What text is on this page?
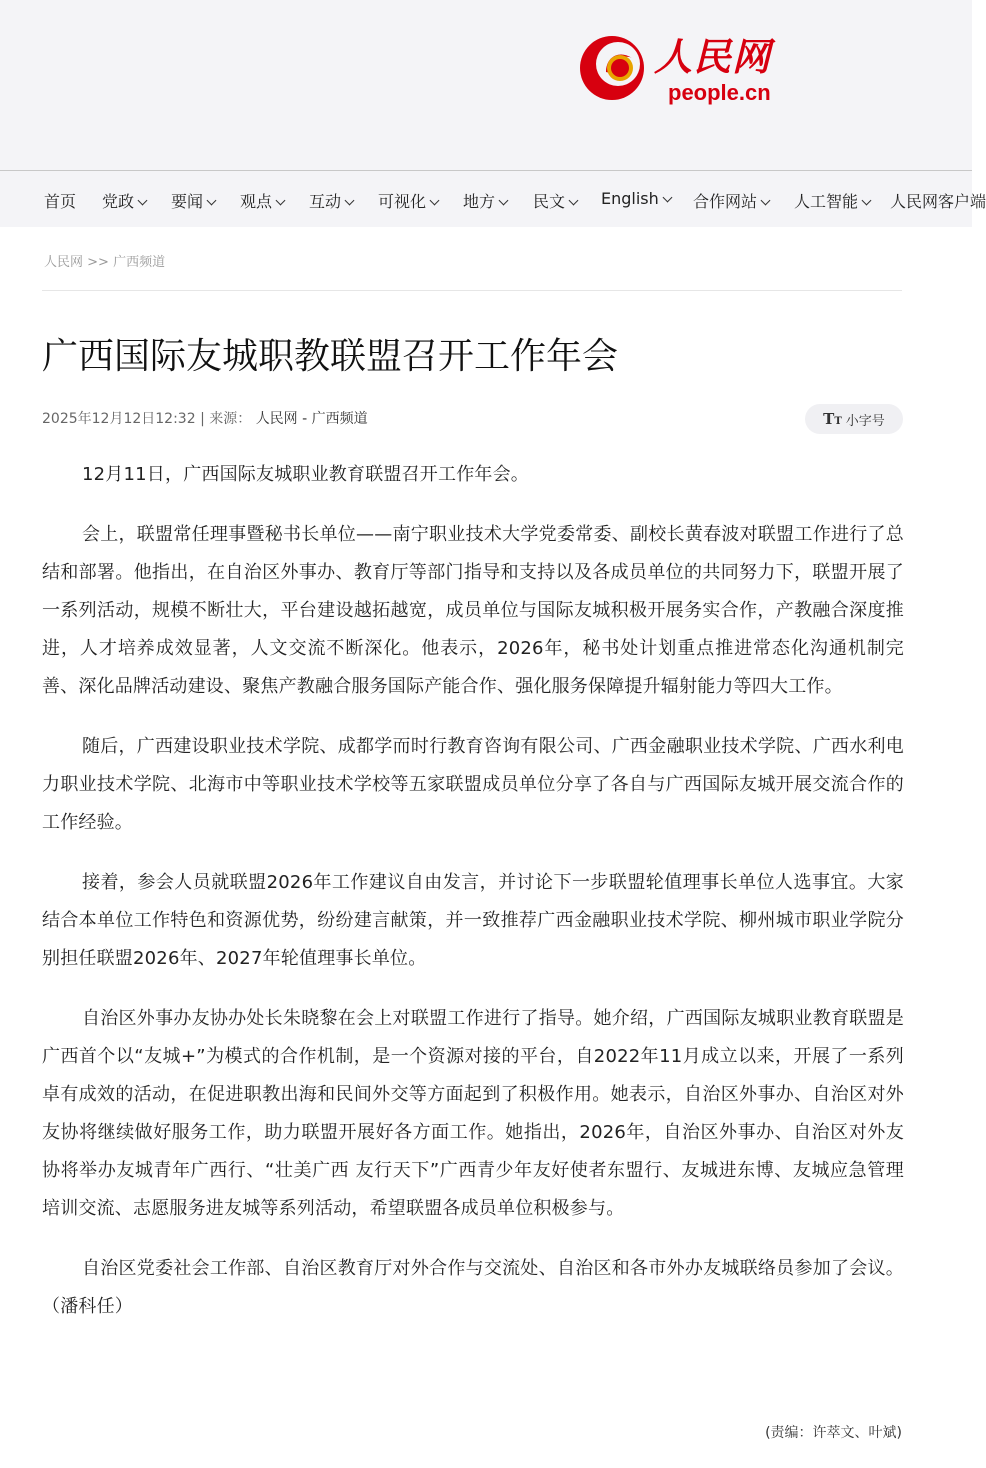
人民网
people.cn
首页 党政	要闻	观点	互动	可视化	地方	民文	English	合作网站	人工智能	人民网客户端
人民网 >> 广西频道
广西国际友城职教联盟召开工作年会
2025年12月12日12:32 | 来源： 人民网 - 广西频道	TT 小字号

12月11日，广西国际友城职业教育联盟召开工作年会。

会上，联盟常任理事暨秘书长单位——南宁职业技术大学党委常委、副校长黄春波对联盟工作进行了总结和部署。他指出，在自治区外事办、教育厅等部门指导和支持以及各成员单位的共同努力下，联盟开展了一系列活动，规模不断壮大，平台建设越拓越宽，成员单位与国际友城积极开展务实合作，产教融合深度推进，人才培养成效显著，人文交流不断深化。他表示，2026年，秘书处计划重点推进常态化沟通机制完善、深化品牌活动建设、聚焦产教融合服务国际产能合作、强化服务保障提升辐射能力等四大工作。

随后，广西建设职业技术学院、成都学而时行教育咨询有限公司、广西金融职业技术学院、广西水利电力职业技术学院、北海市中等职业技术学校等五家联盟成员单位分享了各自与广西国际友城开展交流合作的工作经验。

接着，参会人员就联盟2026年工作建议自由发言，并讨论下一步联盟轮值理事长单位人选事宜。大家结合本单位工作特色和资源优势，纷纷建言献策，并一致推荐广西金融职业技术学院、柳州城市职业学院分别担任联盟2026年、2027年轮值理事长单位。

自治区外事办友协办处长朱晓黎在会上对联盟工作进行了指导。她介绍，广西国际友城职业教育联盟是广西首个以“友城+”为模式的合作机制，是一个资源对接的平台，自2022年11月成立以来，开展了一系列卓有成效的活动，在促进职教出海和民间外交等方面起到了积极作用。她表示，自治区外事办、自治区对外友协将继续做好服务工作，助力联盟开展好各方面工作。她指出，2026年，自治区外事办、自治区对外友协将举办友城青年广西行、“壮美广西 友行天下”广西青少年友好使者东盟行、友城进东博、友城应急管理培训交流、志愿服务进友城等系列活动，希望联盟各成员单位积极参与。

自治区党委社会工作部、自治区教育厅对外合作与交流处、自治区和各市外办友城联络员参加了会议。（潘科任）

(责编：许萃文、叶斌)
